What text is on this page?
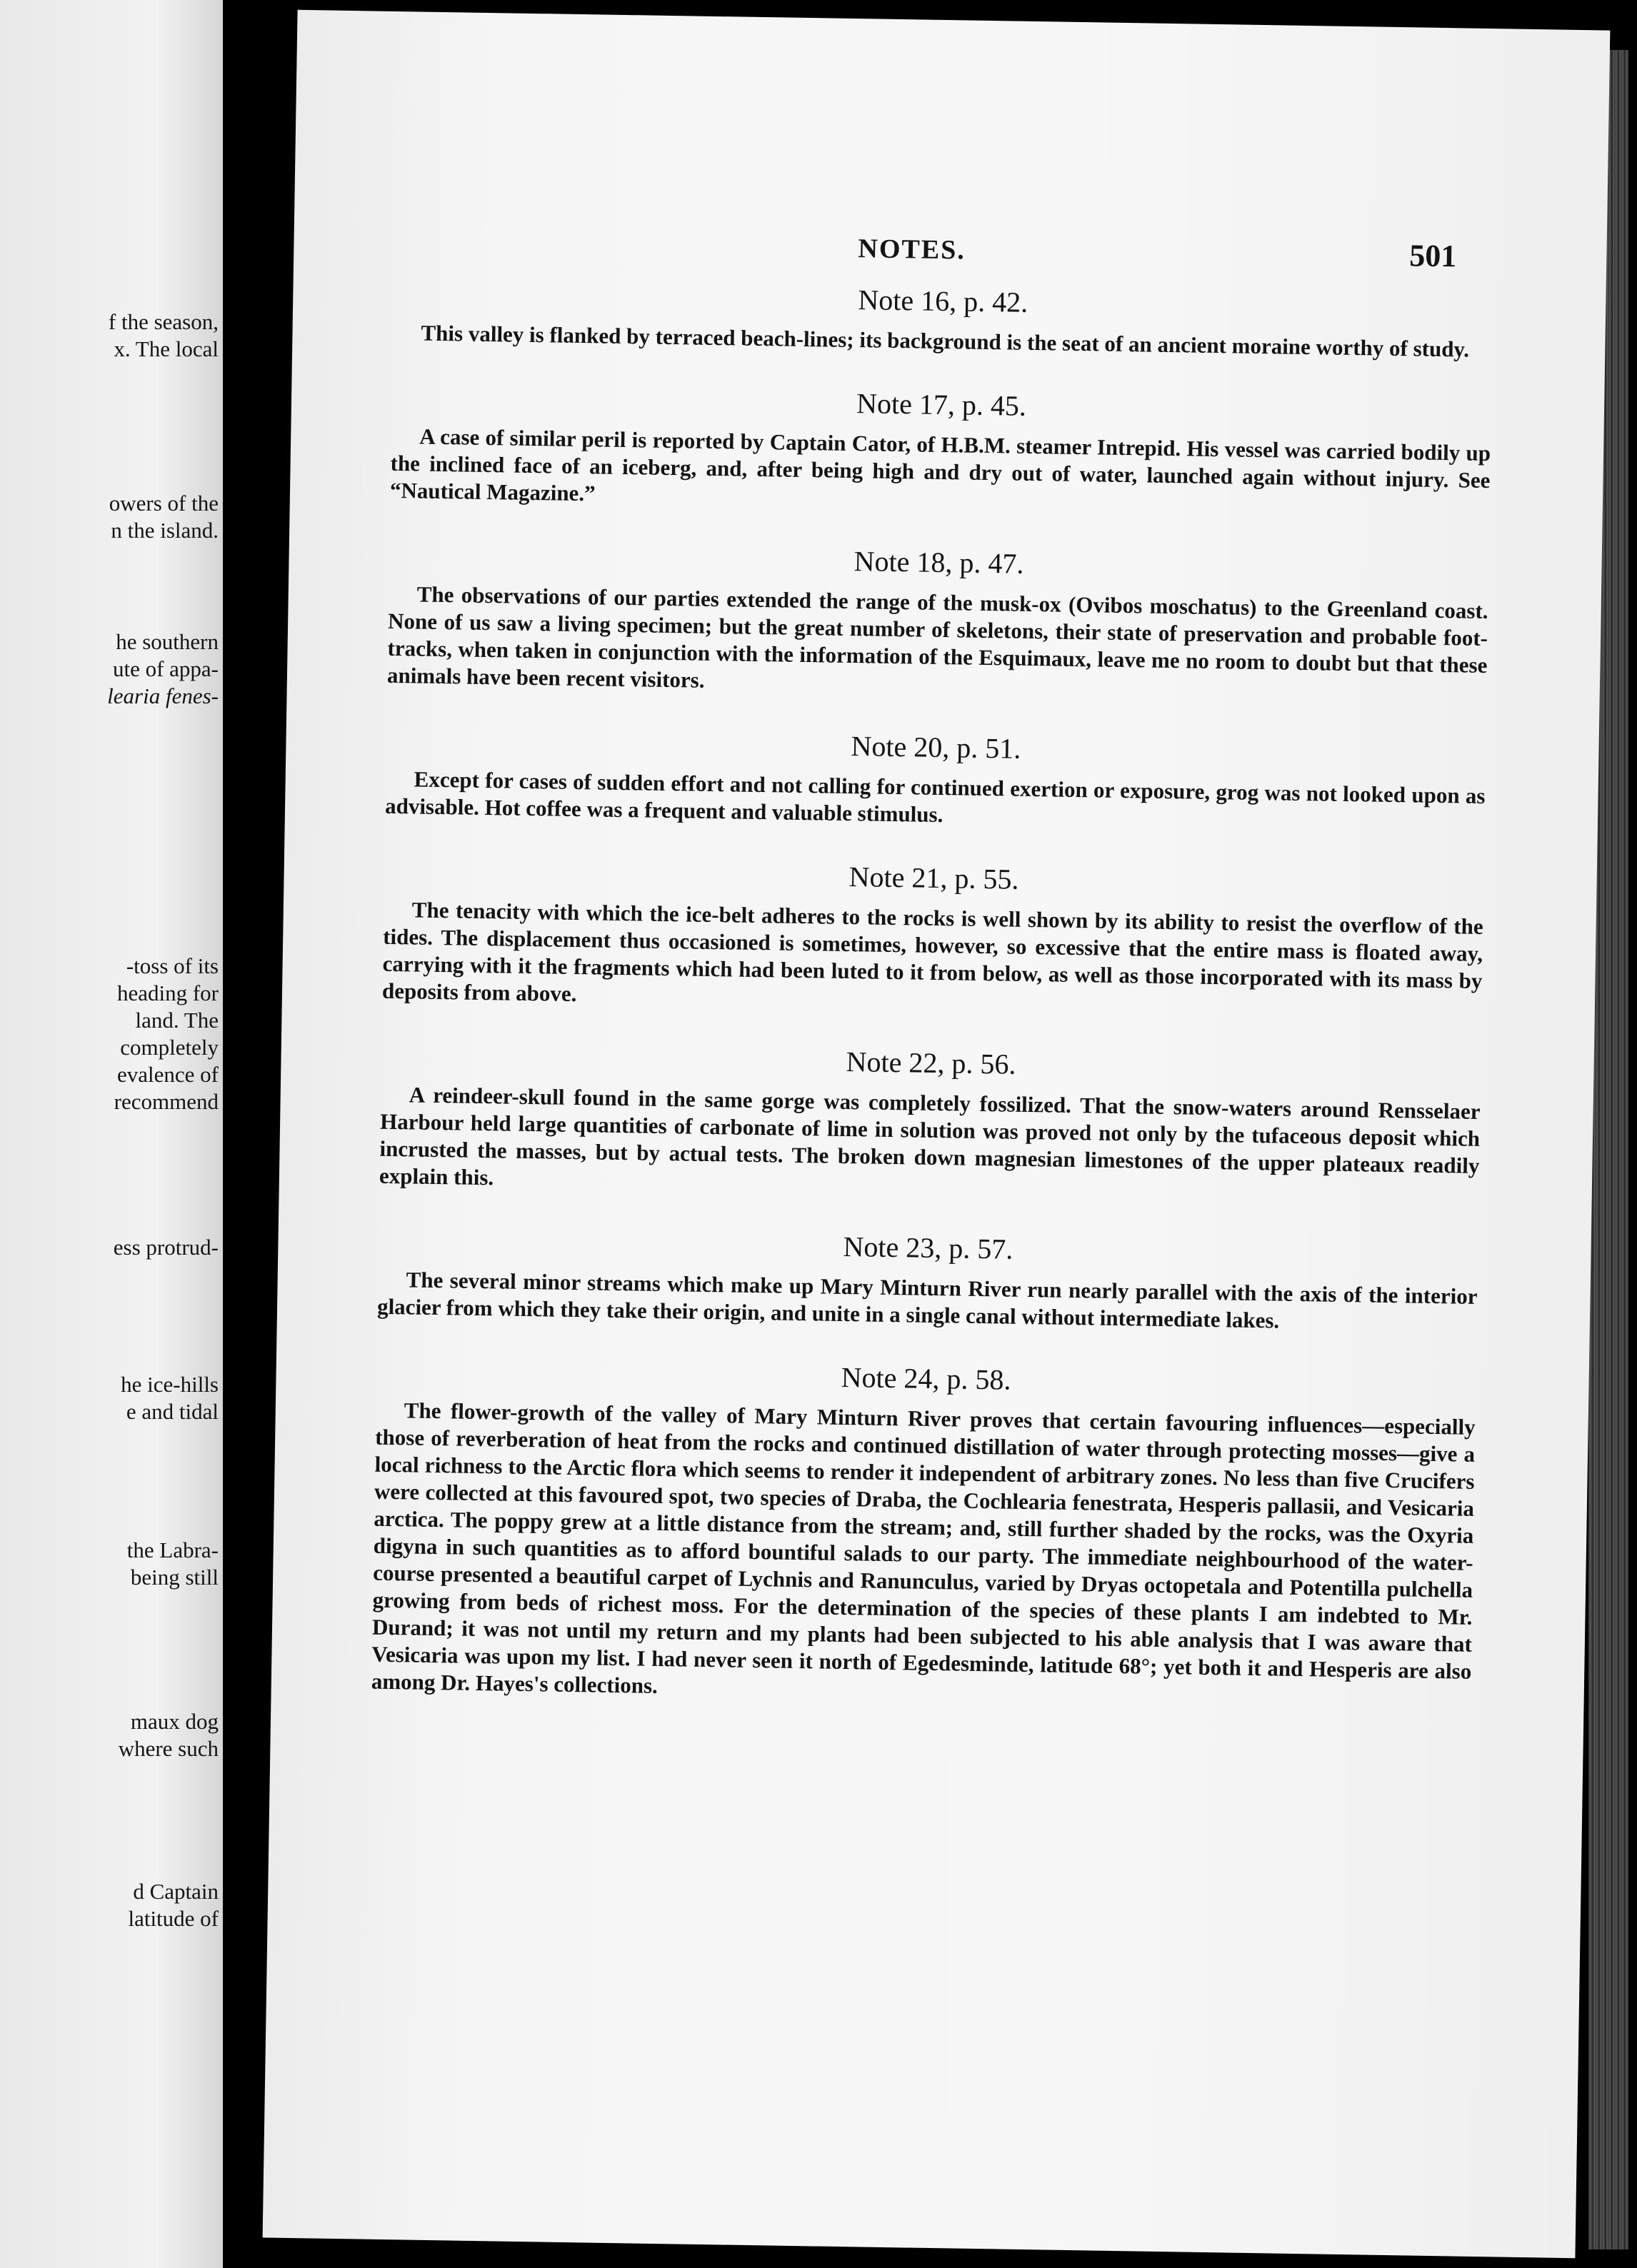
f the season,
x. The local
owers of the
n the island.
he southern
ute of appa-
learia fenes-
-toss of its
heading for
land. The
completely
evalence of
recommend
ess protrud-
he ice-hills
e and tidal
the Labra-
being still
maux dog
where such
d Captain
latitude of
NOTES.	501

Note 16, p. 42.

This valley is flanked by terraced beach-lines; its background is the seat of an ancient moraine worthy of study.

Note 17, p. 45.

A case of similar peril is reported by Captain Cator, of H.B.M. steamer Intrepid. His vessel was carried bodily up the inclined face of an iceberg, and, after being high and dry out of water, launched again without injury. See “Nautical Magazine.”

Note 18, p. 47.

The observations of our parties extended the range of the musk-ox (Ovibos moschatus) to the Greenland coast. None of us saw a living specimen; but the great number of skeletons, their state of preservation and probable foot-tracks, when taken in conjunction with the information of the Esquimaux, leave me no room to doubt but that these animals have been recent visitors.

Note 20, p. 51.

Except for cases of sudden effort and not calling for continued exertion or exposure, grog was not looked upon as advisable. Hot coffee was a frequent and valuable stimulus.

Note 21, p. 55.

The tenacity with which the ice-belt adheres to the rocks is well shown by its ability to resist the overflow of the tides. The displacement thus occasioned is sometimes, however, so excessive that the entire mass is floated away, carrying with it the fragments which had been luted to it from below, as well as those incorporated with its mass by deposits from above.

Note 22, p. 56.

A reindeer-skull found in the same gorge was completely fossilized. That the snow-waters around Rensselaer Harbour held large quantities of carbonate of lime in solution was proved not only by the tufaceous deposit which incrusted the masses, but by actual tests. The broken down magnesian limestones of the upper plateaux readily explain this.

Note 23, p. 57.

The several minor streams which make up Mary Minturn River run nearly parallel with the axis of the interior glacier from which they take their origin, and unite in a single canal without intermediate lakes.

Note 24, p. 58.

The flower-growth of the valley of Mary Minturn River proves that certain favouring influences—especially those of reverberation of heat from the rocks and continued distillation of water through protecting mosses—give a local richness to the Arctic flora which seems to render it independent of arbitrary zones. No less than five Crucifers were collected at this favoured spot, two species of Draba, the Cochlearia fenestrata, Hesperis pallasii, and Vesicaria arctica. The poppy grew at a little distance from the stream; and, still further shaded by the rocks, was the Oxyria digyna in such quantities as to afford bountiful salads to our party. The immediate neighbourhood of the water-course presented a beautiful carpet of Lychnis and Ranunculus, varied by Dryas octopetala and Potentilla pulchella growing from beds of richest moss. For the determination of the species of these plants I am indebted to Mr. Durand; it was not until my return and my plants had been subjected to his able analysis that I was aware that Vesicaria was upon my list. I had never seen it north of Egedesminde, latitude 68°; yet both it and Hesperis are also among Dr. Hayes's collections.
